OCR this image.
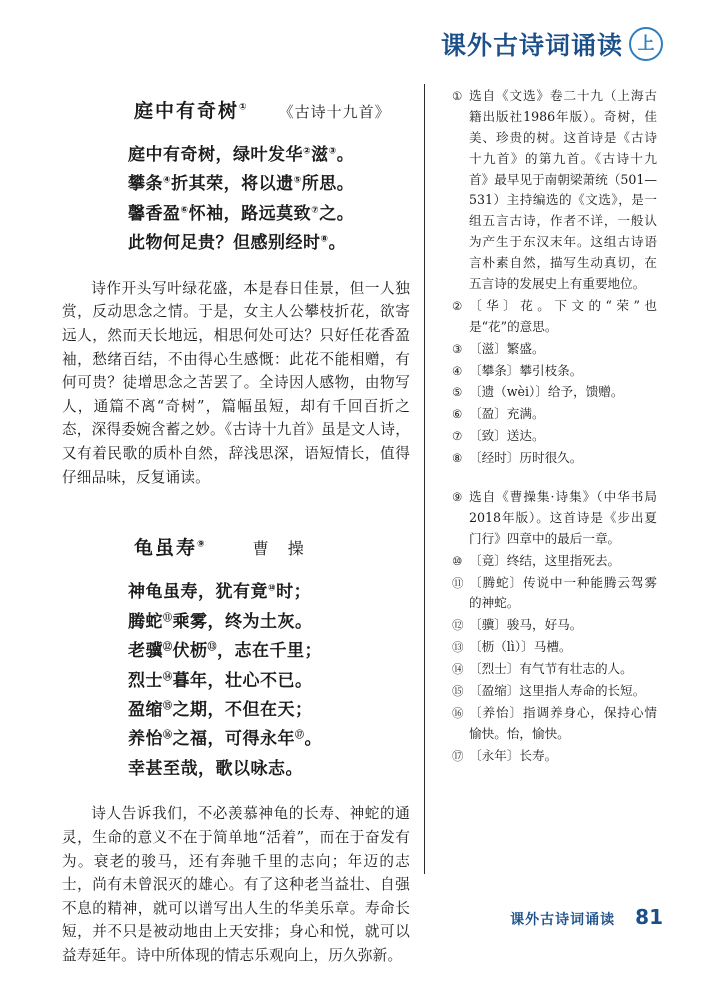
课外古诗词诵读 上
庭中有奇树① 《古诗十九首》
庭中有奇树，绿叶发华②滋③。
攀条④折其荣，将以遗⑤所思。
馨香盈⑥怀袖，路远莫致⑦之。
此物何足贵？但感别经时⑧。

诗作开头写叶绿花盛，本是春日佳景，但一人独赏，反动思念之情。于是，女主人公攀枝折花，欲寄远人，然而天长地远，相思何处可达？只好任花香盈袖，愁绪百结，不由得心生感慨：此花不能相赠，有何可贵？徒增思念之苦罢了。全诗因人感物，由物写人，通篇不离“奇树”，篇幅虽短，却有千回百折之态，深得委婉含蓄之妙。《古诗十九首》虽是文人诗，又有着民歌的质朴自然，辞浅思深，语短情长，值得仔细品味，反复诵读。

龟虽寿⑨	曹 操
神龟虽寿，犹有竟⑩时；
腾蛇⑪乘雾，终为土灰。
老骥⑫伏枥⑬，志在千里；
烈士⑭暮年，壮心不已。
盈缩⑮之期，不但在天；
养怡⑯之福，可得永年⑰。
幸甚至哉，歌以咏志。

诗人告诉我们，不必羡慕神龟的长寿、神蛇的通灵，生命的意义不在于简单地“活着”，而在于奋发有为。衰老的骏马，还有奔驰千里的志向；年迈的志士，尚有未曾泯灭的雄心。有了这种老当益壮、自强不息的精神，就可以谱写出人生的华美乐章。寿命长短，并不只是被动地由上天安排；身心和悦，就可以益寿延年。诗中所体现的情志乐观向上，历久弥新。

① 选自《文选》卷二十九（上海古籍出版社1986年版）。奇树，佳美、珍贵的树。这首诗是《古诗十九首》的第九首。《古诗十九首》最早见于南朝梁萧统（501—531）主持编选的《文选》，是一组五言古诗，作者不详，一般认为产生于东汉末年。这组古诗语言朴素自然，描写生动真切，在五言诗的发展史上有重要地位。
② 〔华〕花。下文的“荣”也是“花”的意思。
③ 〔滋〕繁盛。
④ 〔攀条〕攀引枝条。
⑤ 〔遗（wèi）〕给予，馈赠。
⑥ 〔盈〕充满。
⑦ 〔致〕送达。
⑧ 〔经时〕历时很久。
⑨ 选自《曹操集·诗集》（中华书局2018年版）。这首诗是《步出夏门行》四章中的最后一章。
⑩ 〔竟〕终结，这里指死去。
⑪ 〔腾蛇〕传说中一种能腾云驾雾的神蛇。
⑫ 〔骥〕骏马，好马。
⑬ 〔枥（lì）〕马槽。
⑭ 〔烈士〕有气节有壮志的人。
⑮ 〔盈缩〕这里指人寿命的长短。
⑯ 〔养怡〕指调养身心，保持心情愉快。怡，愉快。
⑰ 〔永年〕长寿。
课外古诗词诵读 81
